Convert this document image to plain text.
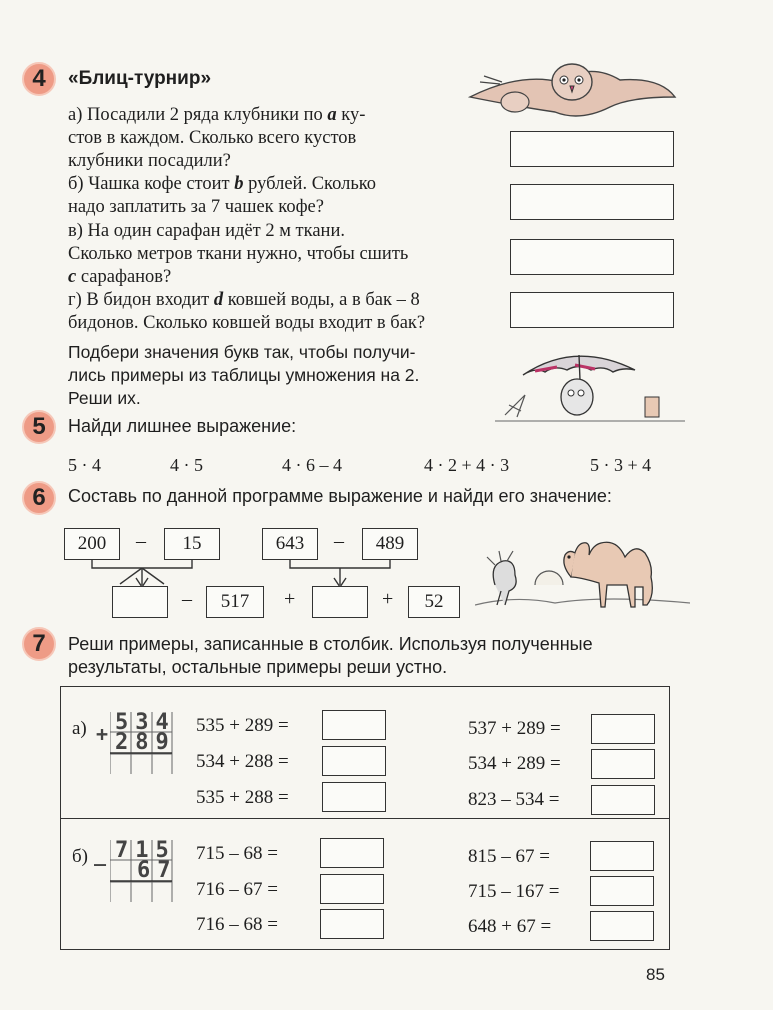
4 «Блиц-турнир»
а) Посадили 2 ряда клубники по a ку-
стов в каждом. Сколько всего кустов
клубники посадили?
б) Чашка кофе стоит b рублей. Сколько
надо заплатить за 7 чашек кофе?
в) На один сарафан идёт 2 м ткани.
Сколько метров ткани нужно, чтобы сшить
c сарафанов?
г) В бидон входит d ковшей воды, а в бак – 8
бидонов. Сколько ковшей воды входит в бак?
Подбери значения букв так, чтобы получи-
лись примеры из таблицы умножения на 2.
Реши их.
5 Найди лишнее выражение:
5 · 4	4 · 5	4 · 6 – 4	4 · 2 + 4 · 3	5 · 3 + 4
6 Составь по данной программе выражение и найди его значение:
200	–	15	643	–	489
–	517	+	+	52
7 Реши примеры, записанные в столбик. Используя полученные
результаты, остальные примеры реши устно.
а) + 534
289
535 + 289 =
534 + 288 =
535 + 288 =
537 + 289 =
534 + 289 =
823 – 534 =
б) _ 715
67
715 – 68 =
716 – 67 =
716 – 68 =
815 – 67 =
715 – 167 =
648 + 67 =
85
